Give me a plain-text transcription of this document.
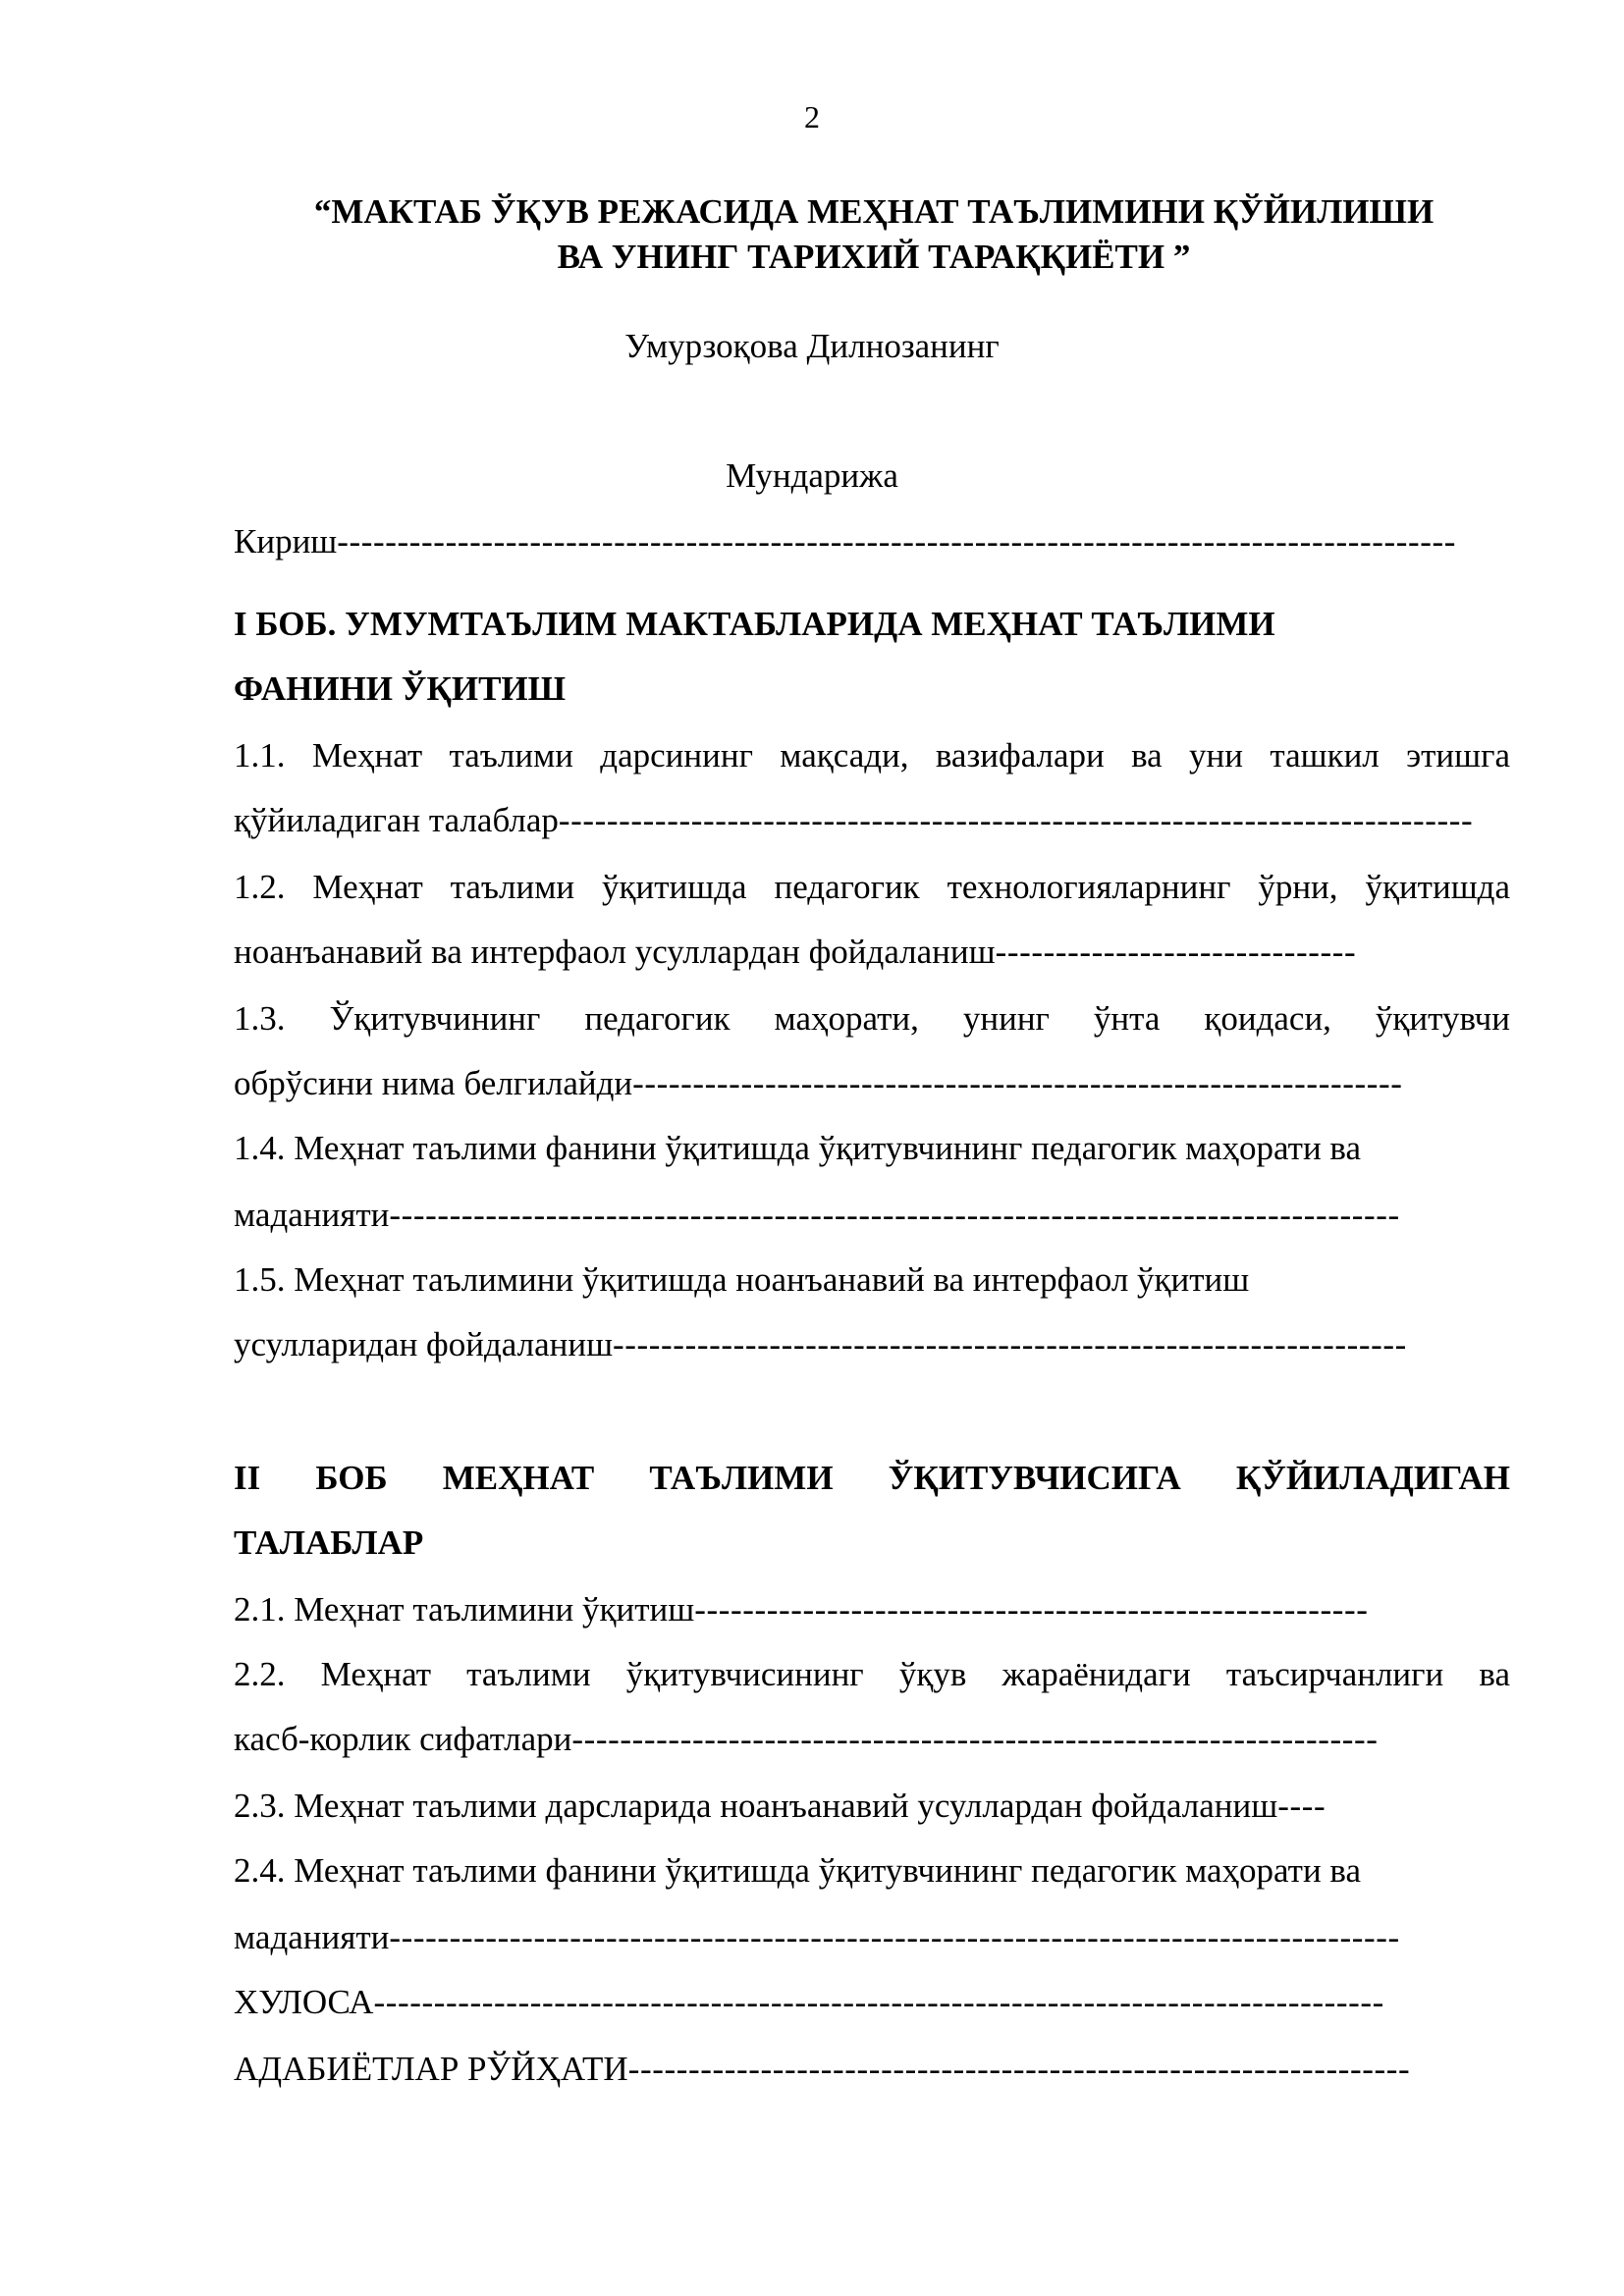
2
“МАКТАБ ЎҚУВ РЕЖАСИДА МЕҲНАТ ТАЪЛИМИНИ ҚЎЙИЛИШИ
ВА УНИНГ ТАРИХИЙ ТАРАҚҚИЁТИ ”
Умурзоқова Дилнозанинг
Мундарижа
Кириш---------------------------------------------------------------------------------------------
I БОБ. УМУМТАЪЛИМ МАКТАБЛАРИДА МЕҲНАТ ТАЪЛИМИ
ФАНИНИ ЎҚИТИШ
1.1. Меҳнат таълими дарсининг мақсади, вазифалари ва уни ташкил этишга
қўйиладиган талаблар----------------------------------------------------------------------------
1.2. Меҳнат таълими ўқитишда педагогик технологияларнинг ўрни, ўқитишда
ноанъанавий ва интерфаол усуллардан фойдаланиш------------------------------
1.3. Ўқитувчининг педагогик маҳорати, унинг ўнта қоидаси, ўқитувчи
обрўсини нима белгилайди----------------------------------------------------------------
1.4. Меҳнат таълими фанини ўқитишда ўқитувчининг педагогик маҳорати ва
маданияти------------------------------------------------------------------------------------
1.5. Меҳнат таълимини ўқитишда ноанъанавий ва интерфаол ўқитиш
усулларидан фойдаланиш------------------------------------------------------------------
II БОБ МЕҲНАТ ТАЪЛИМИ ЎҚИТУВЧИСИГА ҚЎЙИЛАДИГАН
ТАЛАБЛАР
2.1. Меҳнат таълимини ўқитиш--------------------------------------------------------
2.2. Меҳнат таълими ўқитувчисининг ўқув жараёнидаги таъсирчанлиги ва
касб-корлик сифатлари-------------------------------------------------------------------
2.3. Меҳнат таълими дарсларида ноанъанавий усуллардан фойдаланиш----
2.4. Меҳнат таълими фанини ўқитишда ўқитувчининг педагогик маҳорати ва
маданияти------------------------------------------------------------------------------------
ХУЛОСА------------------------------------------------------------------------------------
АДАБИЁТЛАР РЎЙҲАТИ-----------------------------------------------------------------
